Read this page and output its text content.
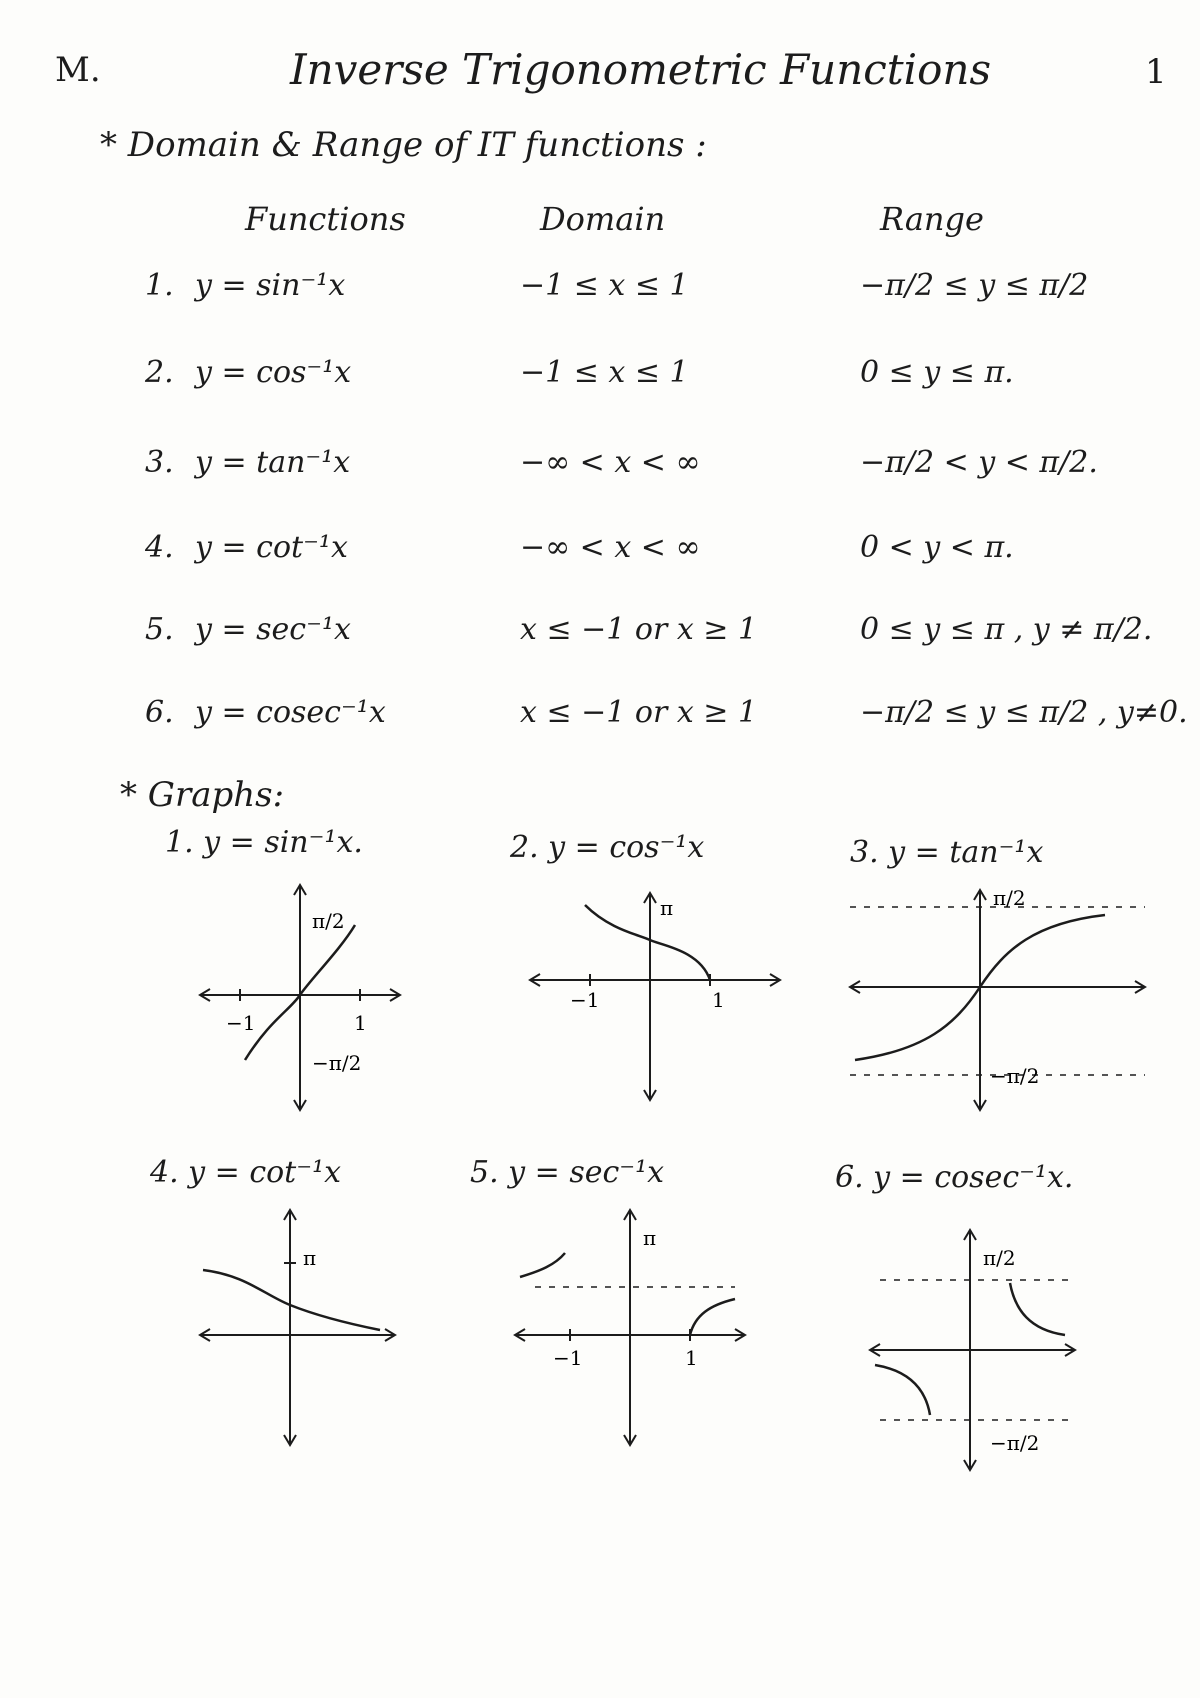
M.	Inverse Trigonometric Functions	1
* Domain & Range of IT functions :
Functions	Domain	Range
1. y = sin⁻¹x	−1 ≤ x ≤ 1	−π/2 ≤ y ≤ π/2
2. y = cos⁻¹x	−1 ≤ x ≤ 1	0 ≤ y ≤ π.
3. y = tan⁻¹x	−∞ < x < ∞	−π/2 < y < π/2.
4. y = cot⁻¹x	−∞ < x < ∞	0 < y < π.
5. y = sec⁻¹x	x ≤ −1 or x ≥ 1	0 ≤ y ≤ π , y ≠ π/2.
6. y = cosec⁻¹x	x ≤ −1 or x ≥ 1	−π/2 ≤ y ≤ π/2 , y≠0.
* Graphs:
1. y = sin⁻¹x.
π/2
−π/2
−1	1
2. y = cos⁻¹x
π
−1	1
3. y = tan⁻¹x
π/2
−π/2
4. y = cot⁻¹x
π
5. y = sec⁻¹x
π
−1	1
6. y = cosec⁻¹x.
π/2
−π/2
